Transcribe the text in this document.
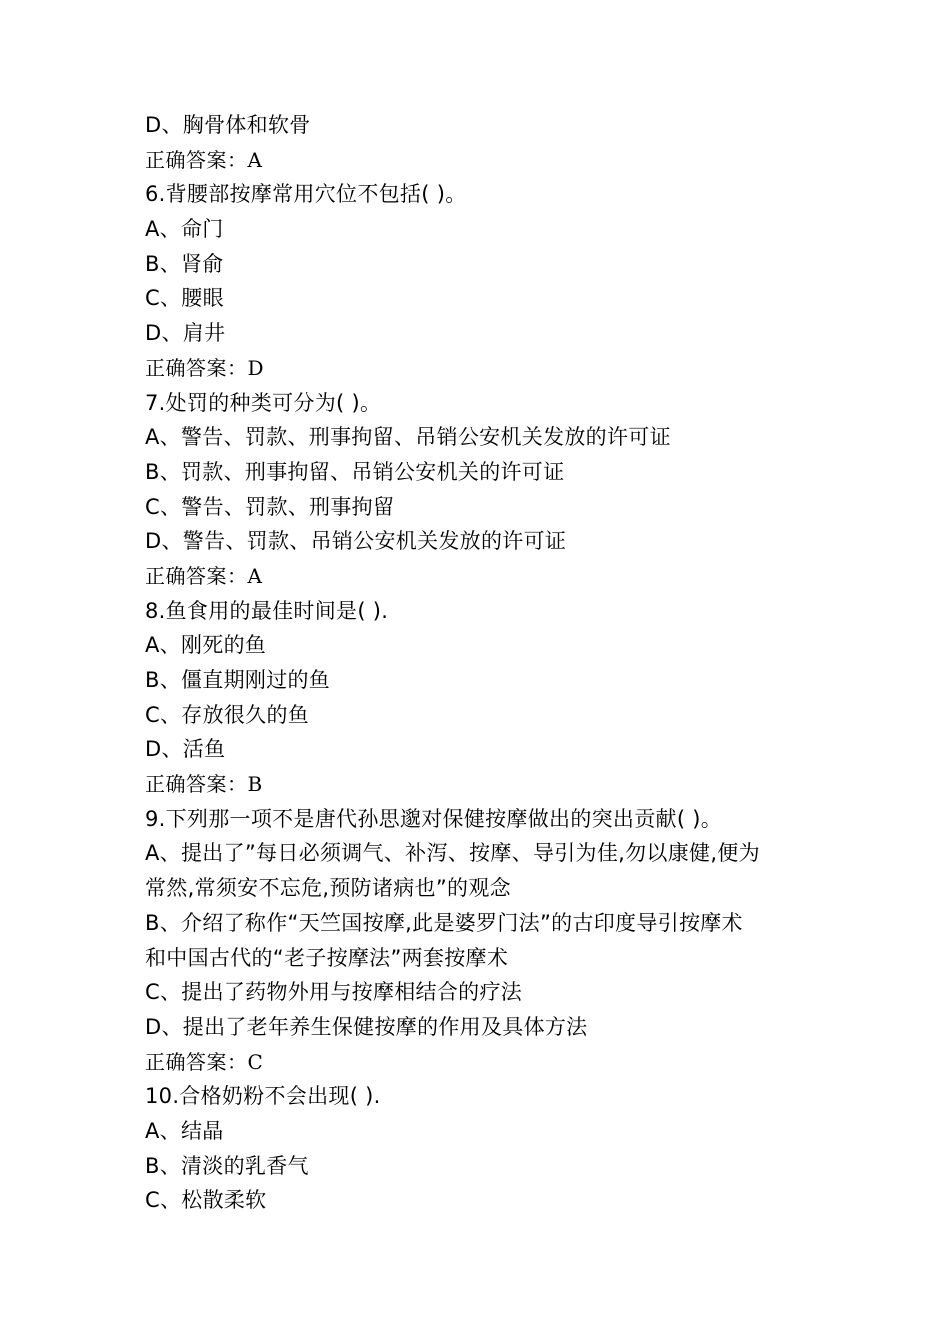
D、胸骨体和软骨
正确答案：A
6.背腰部按摩常用穴位不包括( )。
A、命门
B、肾俞
C、腰眼
D、肩井
正确答案：D
7.处罚的种类可分为( )。
A、警告、罚款、刑事拘留、吊销公安机关发放的许可证
B、罚款、刑事拘留、吊销公安机关的许可证
C、警告、罚款、刑事拘留
D、警告、罚款、吊销公安机关发放的许可证
正确答案：A
8.鱼食用的最佳时间是( ).
A、刚死的鱼
B、僵直期刚过的鱼
C、存放很久的鱼
D、活鱼
正确答案：B
9.下列那一项不是唐代孙思邈对保健按摩做出的突出贡献( )。
A、提出了”每日必须调气、补泻、按摩、导引为佳,勿以康健,便为
常然,常须安不忘危,预防诸病也”的观念
B、介绍了称作“天竺国按摩,此是婆罗门法”的古印度导引按摩术
和中国古代的“老子按摩法”两套按摩术
C、提出了药物外用与按摩相结合的疗法
D、提出了老年养生保健按摩的作用及具体方法
正确答案：C
10.合格奶粉不会出现( ).
A、结晶
B、清淡的乳香气
C、松散柔软
